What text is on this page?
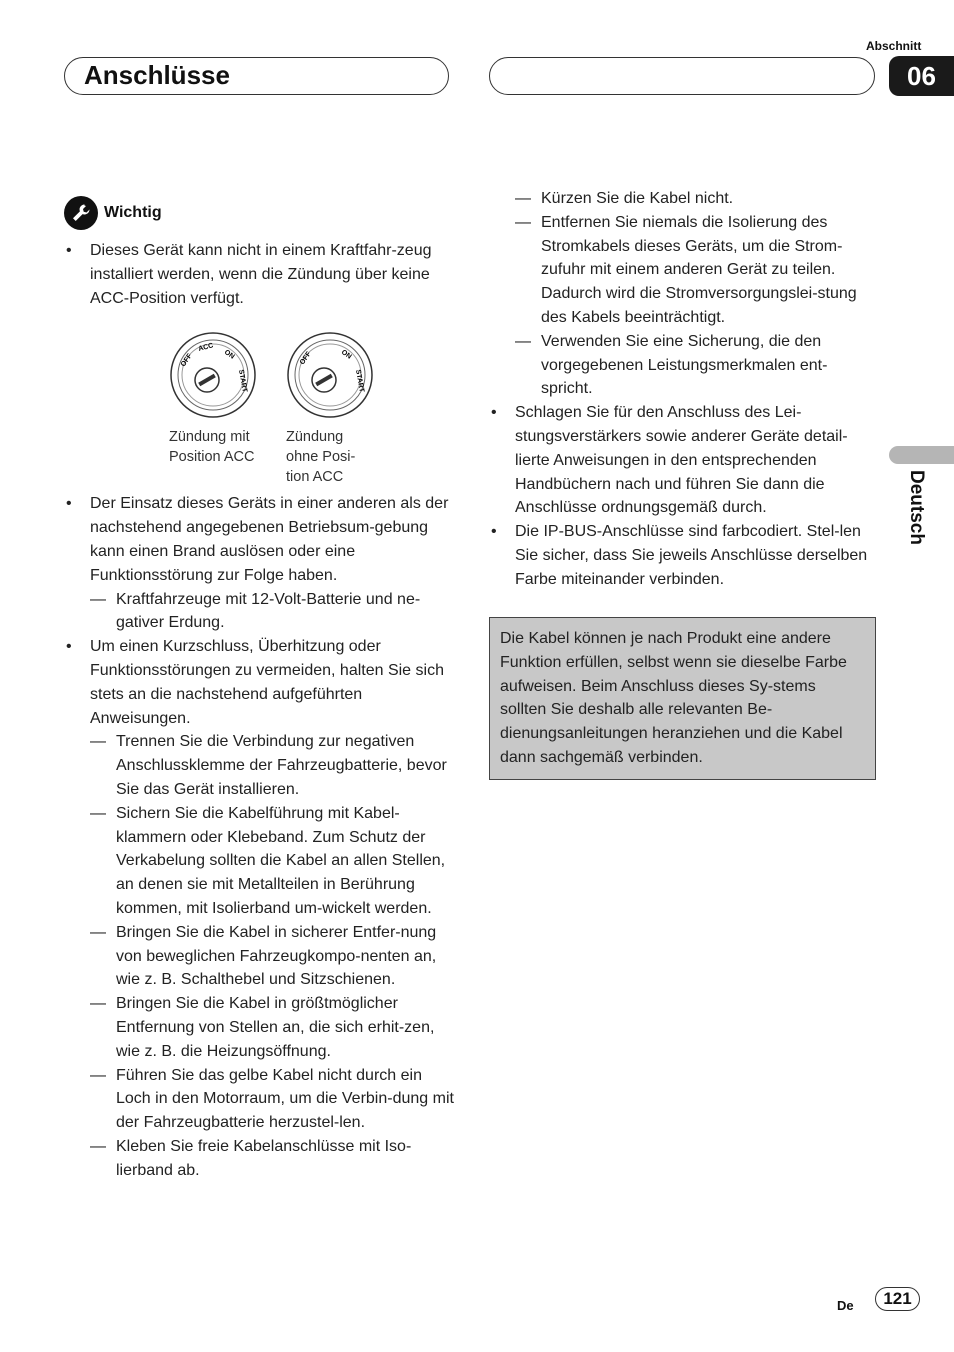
Abschnitt
06
Anschlüsse
Deutsch
Wichtig
• Dieses Gerät kann nicht in einem Kraftfahr-zeug installiert werden, wenn die Zündung über keine ACC-Position verfügt.
OFF
ACC
ON
START
OFF	ON
START
Zündung mit Position ACC
Zündung ohne Posi-tion ACC
• Der Einsatz dieses Geräts in einer anderen als der nachstehend angegebenen Betriebsum-gebung kann einen Brand auslösen oder eine Funktionsstörung zur Folge haben.
— Kraftfahrzeuge mit 12-Volt-Batterie und ne-gativer Erdung.
• Um einen Kurzschluss, Überhitzung oder Funktionsstörungen zu vermeiden, halten Sie sich stets an die nachstehend aufgeführten Anweisungen.
— Trennen Sie die Verbindung zur negativen Anschlussklemme der Fahrzeugbatterie, bevor Sie das Gerät installieren.
— Sichern Sie die Kabelführung mit Kabel-klammern oder Klebeband. Zum Schutz der Verkabelung sollten die Kabel an allen Stellen, an denen sie mit Metallteilen in Berührung kommen, mit Isolierband um-wickelt werden.
— Bringen Sie die Kabel in sicherer Entfer-nung von beweglichen Fahrzeugkompo-nenten an, wie z. B. Schalthebel und Sitzschienen.
— Bringen Sie die Kabel in größtmöglicher Entfernung von Stellen an, die sich erhit-zen, wie z. B. die Heizungsöffnung.
— Führen Sie das gelbe Kabel nicht durch ein Loch in den Motorraum, um die Verbin-dung mit der Fahrzeugbatterie herzustel-len.
— Kleben Sie freie Kabelanschlüsse mit Iso-lierband ab.
— Kürzen Sie die Kabel nicht.
— Entfernen Sie niemals die Isolierung des Stromkabels dieses Geräts, um die Strom-zufuhr mit einem anderen Gerät zu teilen. Dadurch wird die Stromversorgungslei-stung des Kabels beeinträchtigt.
— Verwenden Sie eine Sicherung, die den vorgegebenen Leistungsmerkmalen ent-spricht.
• Schlagen Sie für den Anschluss des Lei-stungsverstärkers sowie anderer Geräte detail-lierte Anweisungen in den entsprechenden Handbüchern nach und führen Sie dann die Anschlüsse ordnungsgemäß durch.
• Die IP-BUS-Anschlüsse sind farbcodiert. Stel-len Sie sicher, dass Sie jeweils Anschlüsse derselben Farbe miteinander verbinden.
Die Kabel können je nach Produkt eine andere Funktion erfüllen, selbst wenn sie dieselbe Farbe aufweisen. Beim Anschluss dieses Sy-stems sollten Sie deshalb alle relevanten Be-dienungsanleitungen heranziehen und die Kabel dann sachgemäß verbinden.
De	121
